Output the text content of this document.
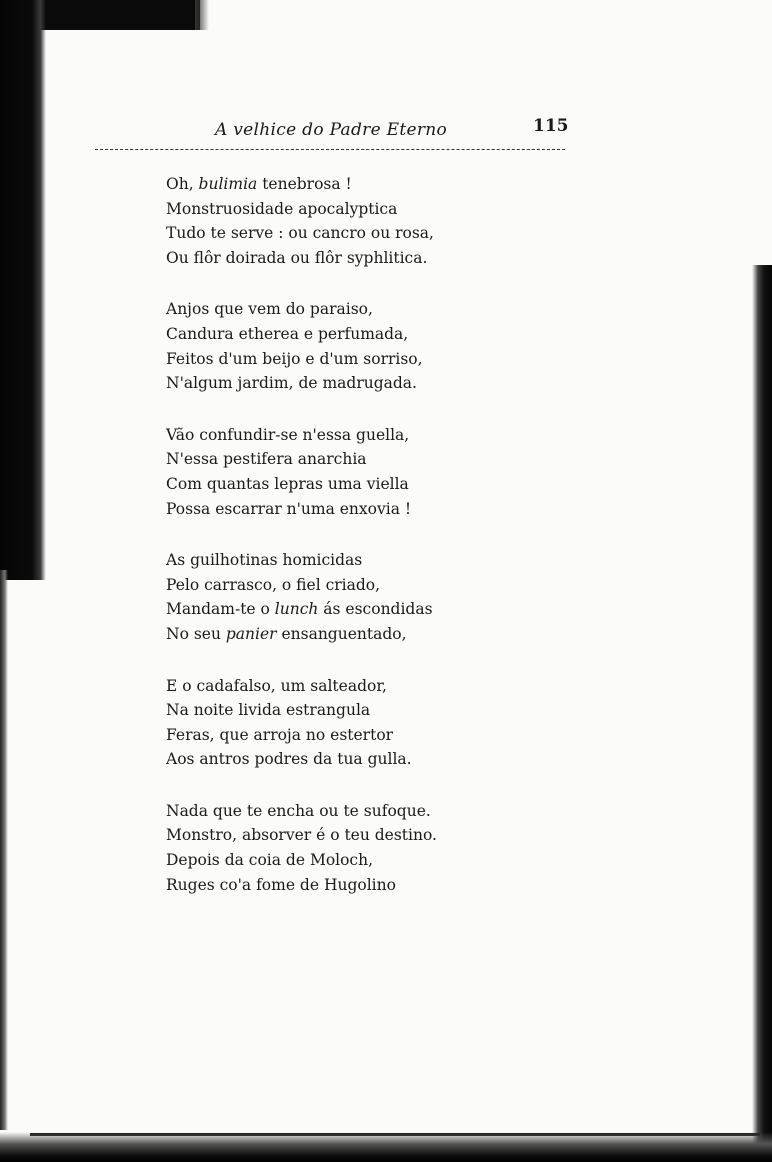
A velhice do Padre Eterno	115
Oh, bulimia tenebrosa !
Monstruosidade apocalyptica
Tudo te serve : ou cancro ou rosa,
Ou flôr doirada ou flôr syphlitica.
Anjos que vem do paraiso,
Candura etherea e perfumada,
Feitos d'um beijo e d'um sorriso,
N'algum jardim, de madrugada.
Vão confundir-se n'essa guella,
N'essa pestifera anarchia
Com quantas lepras uma viella
Possa escarrar n'uma enxovia !
As guilhotinas homicidas
Pelo carrasco, o fiel criado,
Mandam-te o lunch ás escondidas
No seu panier ensanguentado,
E o cadafalso, um salteador,
Na noite livida estrangula
Feras, que arroja no estertor
Aos antros podres da tua gulla.
Nada que te encha ou te sufoque.
Monstro, absorver é o teu destino.
Depois da coia de Moloch,
Ruges co'a fome de Hugolino
